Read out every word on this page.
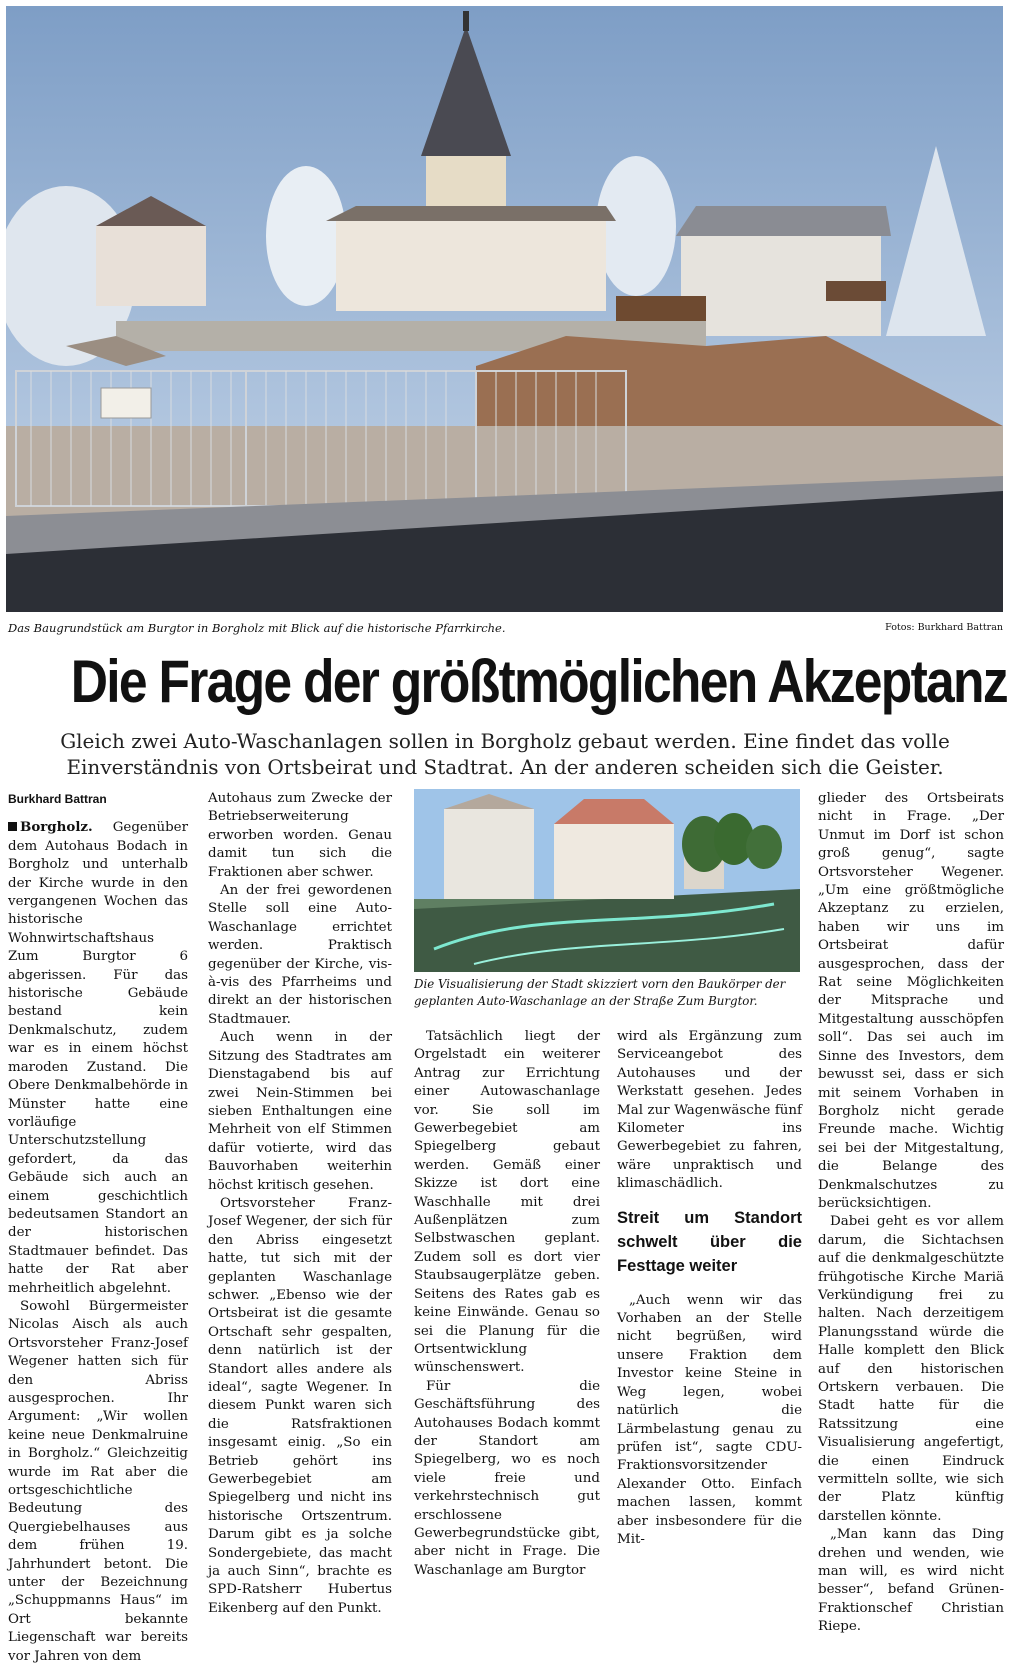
Das Baugrundstück am Burgtor in Borgholz mit Blick auf die historische Pfarrkirche.	Fotos: Burkhard Battran
Die Frage der größtmöglichen Akzeptanz
Gleich zwei Auto-Waschanlagen sollen in Borgholz gebaut werden. Eine findet das volle Einverständnis von Ortsbeirat und Stadtrat. An der anderen scheiden sich die Geister.
Burkhard Battran

Borgholz. Gegenüber dem Autohaus Bodach in Borgholz und unterhalb der Kirche wurde in den vergangenen Wochen das historische Wohnwirtschaftshaus Zum Burgtor 6 abgerissen. Für das historische Gebäude bestand kein Denkmalschutz, zudem war es in einem höchst maroden Zustand. Die Obere Denkmalbehörde in Münster hatte eine vorläufige Unterschutzstellung gefordert, da das Gebäude sich auch an einem geschichtlich bedeutsamen Standort an der historischen Stadtmauer befindet. Das hatte der Rat aber mehrheitlich abgelehnt.

Sowohl Bürgermeister Nicolas Aisch als auch Ortsvorsteher Franz-Josef Wegener hatten sich für den Abriss ausgesprochen. Ihr Argument: „Wir wollen keine neue Denkmalruine in Borgholz.“ Gleichzeitig wurde im Rat aber die ortsgeschichtliche Bedeutung des Quergiebelhauses aus dem frühen 19. Jahrhundert betont. Die unter der Bezeichnung „Schuppmanns Haus“ im Ort bekannte Liegenschaft war bereits vor Jahren von dem

Autohaus zum Zwecke der Betriebserweiterung erworben worden. Genau damit tun sich die Fraktionen aber schwer.

An der frei gewordenen Stelle soll eine Auto-Waschanlage errichtet werden. Praktisch gegenüber der Kirche, vis-à-vis des Pfarrheims und direkt an der historischen Stadtmauer.

Auch wenn in der Sitzung des Stadtrates am Dienstagabend bis auf zwei Nein-Stimmen bei sieben Enthaltungen eine Mehrheit von elf Stimmen dafür votierte, wird das Bauvorhaben weiterhin höchst kritisch gesehen.

Ortsvorsteher Franz-Josef Wegener, der sich für den Abriss eingesetzt hatte, tut sich mit der geplanten Waschanlage schwer. „Ebenso wie der Ortsbeirat ist die gesamte Ortschaft sehr gespalten, denn natürlich ist der Standort alles andere als ideal“, sagte Wegener. In diesem Punkt waren sich die Ratsfraktionen insgesamt einig. „So ein Betrieb gehört ins Gewerbegebiet am Spiegelberg und nicht ins historische Ortszentrum. Darum gibt es ja solche Sondergebiete, das macht ja auch Sinn“, brachte es SPD-Ratsherr Hubertus Eikenberg auf den Punkt.

Die Visualisierung der Stadt skizziert vorn den Baukörper der geplanten Auto-Waschanlage an der Straße Zum Burgtor.

Tatsächlich liegt der Orgelstadt ein weiterer Antrag zur Errichtung einer Autowaschanlage vor. Sie soll im Gewerbegebiet am Spiegelberg gebaut werden. Gemäß einer Skizze ist dort eine Waschhalle mit drei Außenplätzen zum Selbstwaschen geplant. Zudem soll es dort vier Staubsaugerplätze geben. Seitens des Rates gab es keine Einwände. Genau so sei die Planung für die Ortsentwicklung wünschenswert.

Für die Geschäftsführung des Autohauses Bodach kommt der Standort am Spiegelberg, wo es noch viele freie und verkehrstechnisch gut erschlossene Gewerbegrundstücke gibt, aber nicht in Frage. Die Waschanlage am Burgtor

wird als Ergänzung zum Serviceangebot des Autohauses und der Werkstatt gesehen. Jedes Mal zur Wagenwäsche fünf Kilometer ins Gewerbegebiet zu fahren, wäre unpraktisch und klimaschädlich.

Streit um Standort schwelt über die Festtage weiter

„Auch wenn wir das Vorhaben an der Stelle nicht begrüßen, wird unsere Fraktion dem Investor keine Steine in Weg legen, wobei natürlich die Lärmbelastung genau zu prüfen ist“, sagte CDU-Fraktionsvorsitzender Alexander Otto. Einfach machen lassen, kommt aber insbesondere für die Mit-

glieder des Ortsbeirats nicht in Frage. „Der Unmut im Dorf ist schon groß genug“, sagte Ortsvorsteher Wegener. „Um eine größtmögliche Akzeptanz zu erzielen, haben wir uns im Ortsbeirat dafür ausgesprochen, dass der Rat seine Möglichkeiten der Mitsprache und Mitgestaltung ausschöpfen soll“. Das sei auch im Sinne des Investors, dem bewusst sei, dass er sich mit seinem Vorhaben in Borgholz nicht gerade Freunde mache. Wichtig sei bei der Mitgestaltung, die Belange des Denkmalschutzes zu berücksichtigen.

Dabei geht es vor allem darum, die Sichtachsen auf die denkmalgeschützte frühgotische Kirche Mariä Verkündigung frei zu halten. Nach derzeitigem Planungsstand würde die Halle komplett den Blick auf den historischen Ortskern verbauen. Die Stadt hatte für die Ratssitzung eine Visualisierung angefertigt, die einen Eindruck vermitteln sollte, wie sich der Platz künftig darstellen könnte.

„Man kann das Ding drehen und wenden, wie man will, es wird nicht besser“, befand Grünen-Fraktionschef Christian Riepe.
